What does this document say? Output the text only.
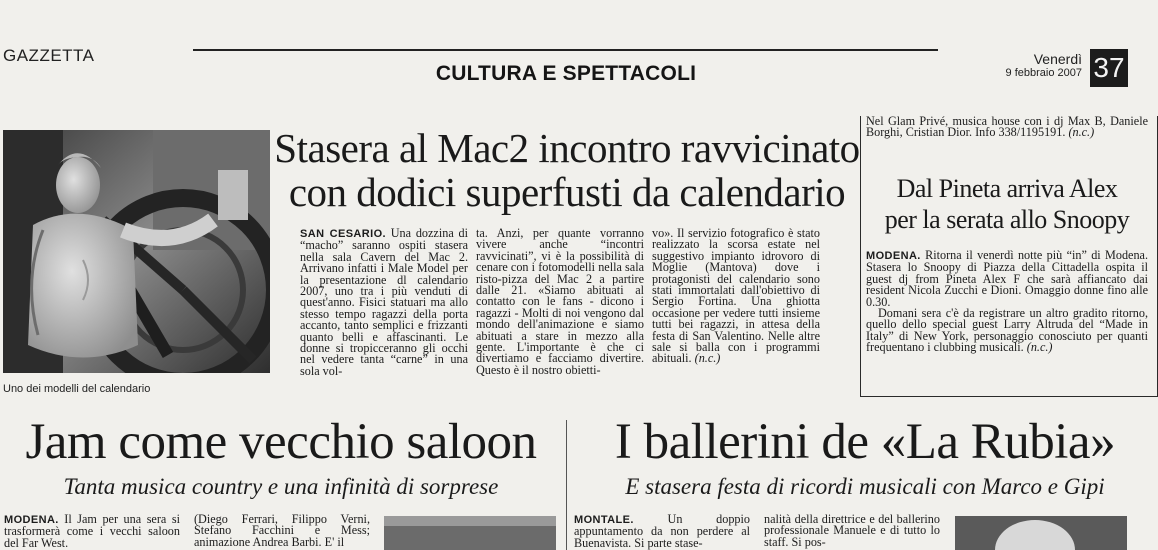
GAZZETTA
CULTURA E SPETTACOLI
Venerdì
9 febbraio 2007 37
Uno dei modelli del calendario
Stasera al Mac2 incontro ravvicinato
con dodici superfusti da calendario
SAN CESARIO. Una dozzina di “macho” saranno ospiti stasera nella sala Cavern del Mac 2. Arrivano infatti i Male Model per la presentazione dl calendario 2007, uno tra i più venduti di quest'anno. Fisici statuari ma allo stesso tempo ragazzi della porta accanto, tanto semplici e frizzanti quanto belli e affascinanti. Le donne si tropicceranno gli occhi nel vedere tanta “carne” in una sola vol-
ta. Anzi, per quante vorranno vivere anche “incontri ravvicinati”, vi è la possibilità di cenare con i fotomodelli nella sala risto-pizza del Mac 2 a partire dalle 21. «Siamo abituati al contatto con le fans - dicono i ragazzi - Molti di noi vengono dal mondo dell'animazione e siamo abituati a stare in mezzo alla gente. L'importante è che ci divertiamo e facciamo divertire. Questo è il nostro obietti-
vo». Il servizio fotografico è stato realizzato la scorsa estate nel suggestivo impianto idrovoro di Moglie (Mantova) dove i protagonisti del calendario sono stati immortalati dall'obiettivo di Sergio Fortina. Una ghiotta occasione per vedere tutti insieme tutti bei ragazzi, in attesa della festa di San Valentino. Nelle altre sale si balla con i programmi abituali. (n.c.)
Nel Glam Privé, musica house con i dj Max B, Daniele Borghi, Cristian Dior. Info 338/1195191. (n.c.)
Dal Pineta arriva Alex
per la serata allo Snoopy
MODENA. Ritorna il venerdì notte più “in” di Modena. Stasera lo Snoopy di Piazza della Cittadella ospita il guest dj from Pineta Alex F che sarà affiancato dai resident Nicola Zucchi e Dioni. Omaggio donne fino alle 0.30.
Domani sera c'è da registrare un altro gradito ritorno, quello dello special guest Larry Altruda del “Made in Italy” di New York, personaggio conosciuto per quanti frequentano i clubbing musicali. (n.c.)
Jam come vecchio saloon
Tanta musica country e una infinità di sorprese
MODENA. Il Jam per una sera si trasformerà come i vecchi saloon del Far West.
(Diego Ferrari, Filippo Verni, Stefano Facchini e Mess; animazione Andrea Barbi. E' il
I ballerini de «La Rubia»
E stasera festa di ricordi musicali con Marco e Gipi
MONTALE. Un doppio appuntamento da non perdere al Buenavista. Si parte stase-
nalità della direttrice e del ballerino professionale Manuele e di tutto lo staff. Si pos-
